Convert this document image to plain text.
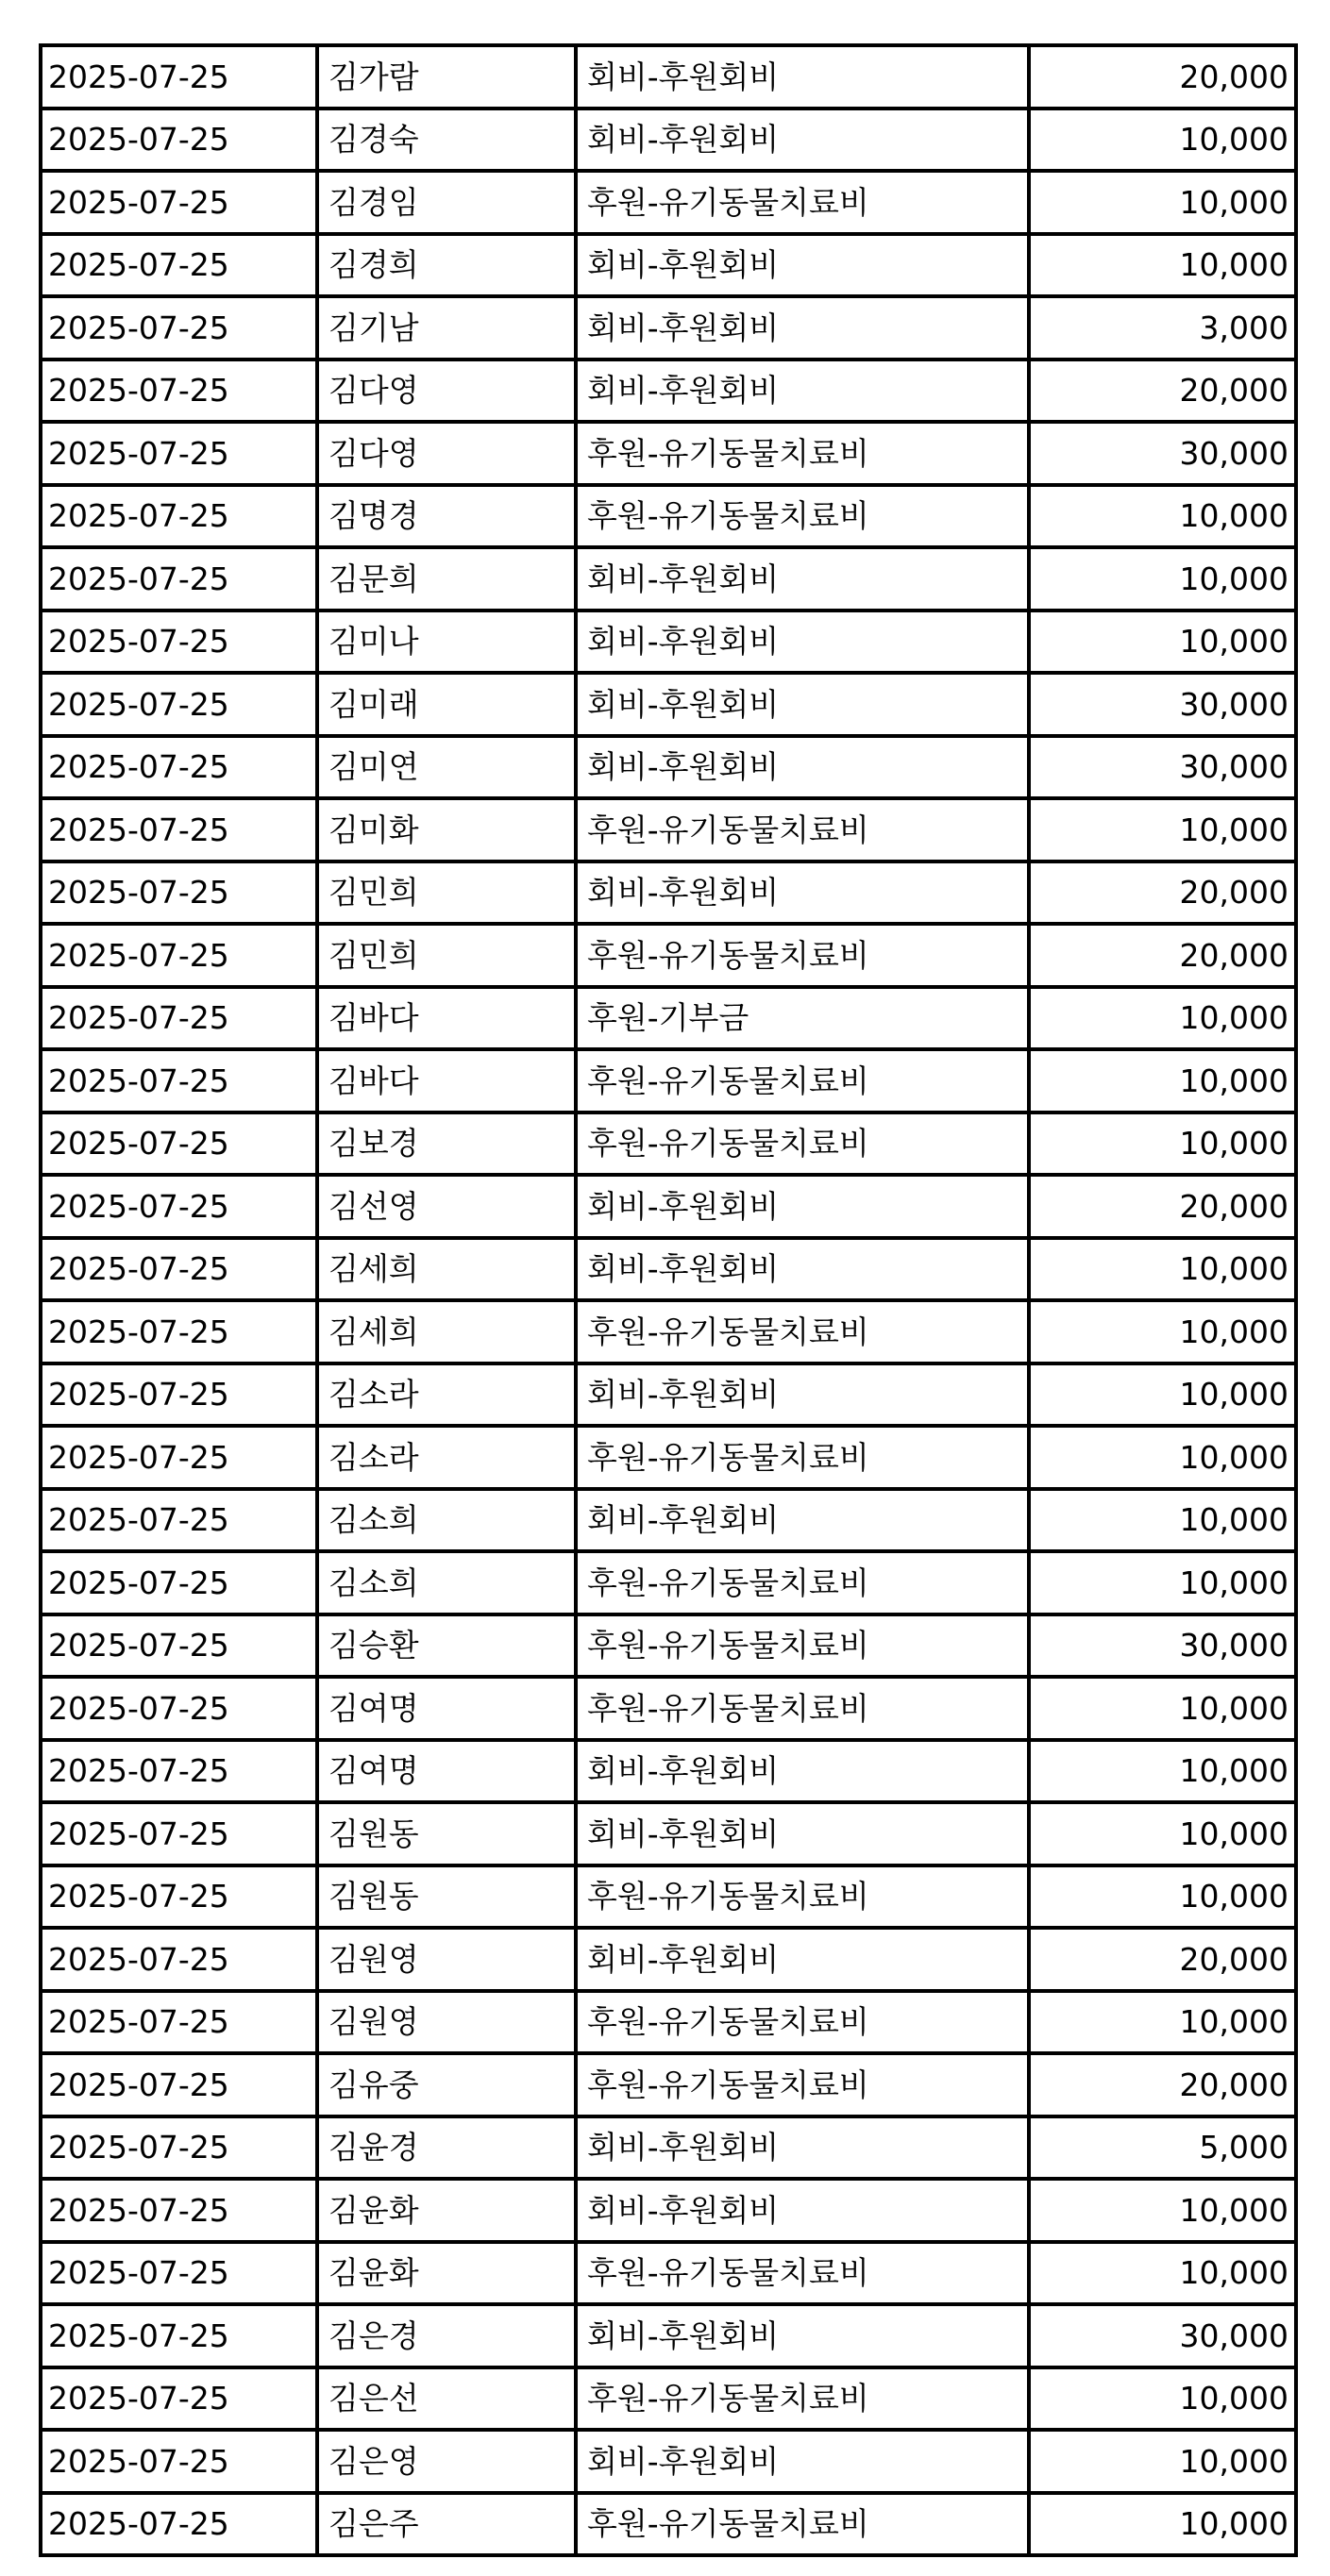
2025-07-25	김가람	회비-후원회비	20,000
2025-07-25	김경숙	회비-후원회비	10,000
2025-07-25	김경임	후원-유기동물치료비	10,000
2025-07-25	김경희	회비-후원회비	10,000
2025-07-25	김기남	회비-후원회비	3,000
2025-07-25	김다영	회비-후원회비	20,000
2025-07-25	김다영	후원-유기동물치료비	30,000
2025-07-25	김명경	후원-유기동물치료비	10,000
2025-07-25	김문희	회비-후원회비	10,000
2025-07-25	김미나	회비-후원회비	10,000
2025-07-25	김미래	회비-후원회비	30,000
2025-07-25	김미연	회비-후원회비	30,000
2025-07-25	김미화	후원-유기동물치료비	10,000
2025-07-25	김민희	회비-후원회비	20,000
2025-07-25	김민희	후원-유기동물치료비	20,000
2025-07-25	김바다	후원-기부금	10,000
2025-07-25	김바다	후원-유기동물치료비	10,000
2025-07-25	김보경	후원-유기동물치료비	10,000
2025-07-25	김선영	회비-후원회비	20,000
2025-07-25	김세희	회비-후원회비	10,000
2025-07-25	김세희	후원-유기동물치료비	10,000
2025-07-25	김소라	회비-후원회비	10,000
2025-07-25	김소라	후원-유기동물치료비	10,000
2025-07-25	김소희	회비-후원회비	10,000
2025-07-25	김소희	후원-유기동물치료비	10,000
2025-07-25	김승환	후원-유기동물치료비	30,000
2025-07-25	김여명	후원-유기동물치료비	10,000
2025-07-25	김여명	회비-후원회비	10,000
2025-07-25	김원동	회비-후원회비	10,000
2025-07-25	김원동	후원-유기동물치료비	10,000
2025-07-25	김원영	회비-후원회비	20,000
2025-07-25	김원영	후원-유기동물치료비	10,000
2025-07-25	김유중	후원-유기동물치료비	20,000
2025-07-25	김윤경	회비-후원회비	5,000
2025-07-25	김윤화	회비-후원회비	10,000
2025-07-25	김윤화	후원-유기동물치료비	10,000
2025-07-25	김은경	회비-후원회비	30,000
2025-07-25	김은선	후원-유기동물치료비	10,000
2025-07-25	김은영	회비-후원회비	10,000
2025-07-25	김은주	후원-유기동물치료비	10,000
